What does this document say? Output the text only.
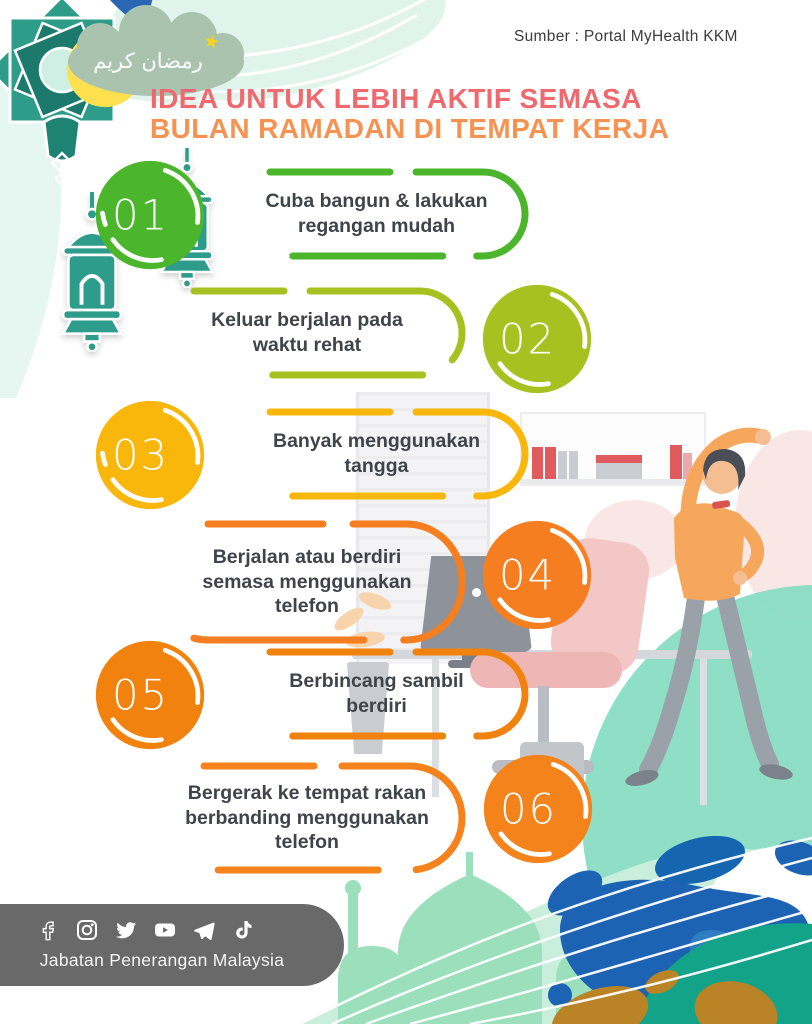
رمضان كريم
★	Sumber : Portal MyHealth KKM
IDEA UNTUK LEBIH AKTIF SEMASA
BULAN RAMADAN DI TEMPAT KERJA
01	Cuba bangun & lakukan regangan mudah
Keluar berjalan pada waktu rehat	02
03	Banyak menggunakan tangga
Berjalan atau berdiri semasa menggunakan telefon
04
05	Berbincang sambil berdiri
Bergerak ke tempat rakan berbanding menggunakan telefon
06
Jabatan Penerangan Malaysia
